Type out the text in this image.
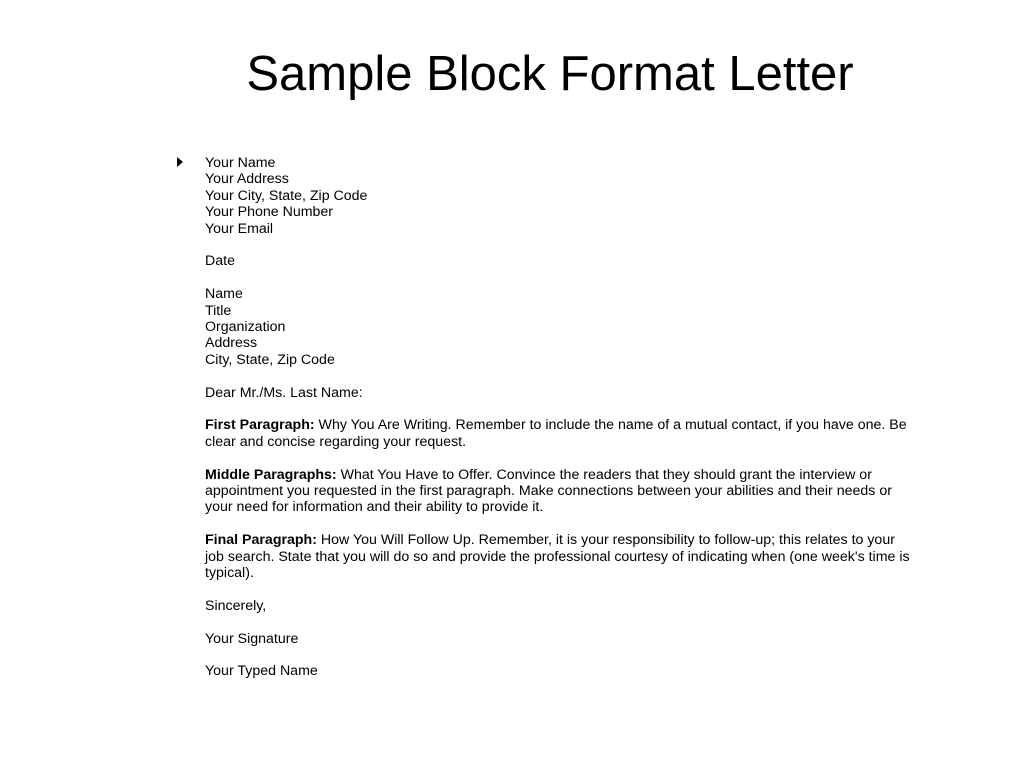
Sample Block Format Letter
Your Name
Your Address
Your City, State, Zip Code
Your Phone Number
Your Email
Date
Name
Title
Organization
Address
City, State, Zip Code
Dear Mr./Ms. Last Name:
First Paragraph: Why You Are Writing. Remember to include the name of a mutual contact, if you have one. Be clear and concise regarding your request.
Middle Paragraphs: What You Have to Offer. Convince the readers that they should grant the interview or appointment you requested in the first paragraph. Make connections between your abilities and their needs or your need for information and their ability to provide it.
Final Paragraph: How You Will Follow Up. Remember, it is your responsibility to follow-up; this relates to your job search. State that you will do so and provide the professional courtesy of indicating when (one week's time is typical).
Sincerely,
Your Signature
Your Typed Name
